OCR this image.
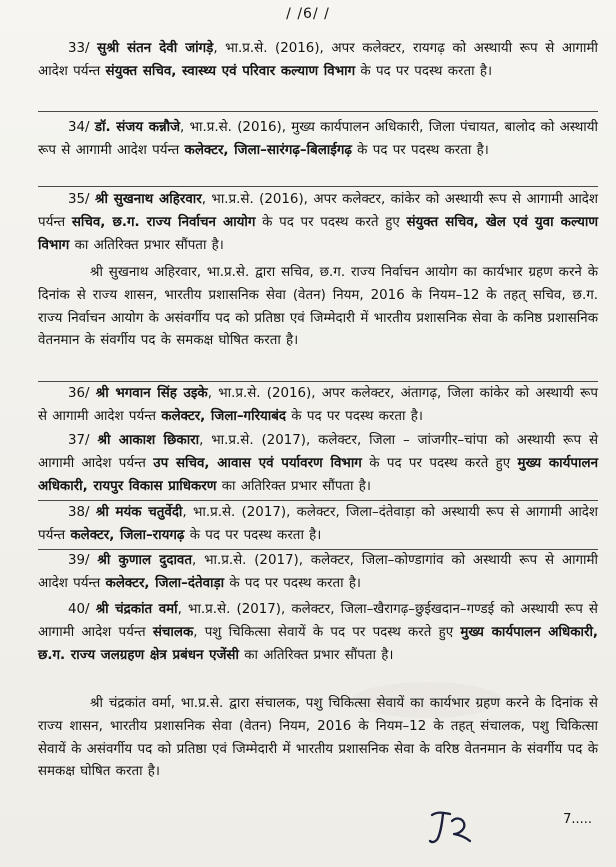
/ /6/ /

33/ सुश्री संतन देवी जांगड़े, भा.प्र.से. (2016), अपर कलेक्टर, रायगढ़ को अस्थायी रूप से आगामी आदेश पर्यन्त संयुक्त सचिव, स्वास्थ्य एवं परिवार कल्याण विभाग के पद पर पदस्थ करता है।

34/ डॉ. संजय कन्नौजे, भा.प्र.से. (2016), मुख्य कार्यपालन अधिकारी, जिला पंचायत, बालोद को अस्थायी रूप से आगामी आदेश पर्यन्त कलेक्टर, जिला–सारंगढ़–बिलाईगढ़ के पद पर पदस्थ करता है।

35/ श्री सुखनाथ अहिरवार, भा.प्र.से. (2016), अपर कलेक्टर, कांकेर को अस्थायी रूप से आगामी आदेश पर्यन्त सचिव, छ.ग. राज्य निर्वाचन आयोग के पद पर पदस्थ करते हुए संयुक्त सचिव, खेल एवं युवा कल्याण विभाग का अतिरिक्त प्रभार सौंपता है।

श्री सुखनाथ अहिरवार, भा.प्र.से. द्वारा सचिव, छ.ग. राज्य निर्वाचन आयोग का कार्यभार ग्रहण करने के दिनांक से राज्य शासन, भारतीय प्रशासनिक सेवा (वेतन) नियम, 2016 के नियम–12 के तहत् सचिव, छ.ग. राज्य निर्वाचन आयोग के असंवर्गीय पद को प्रतिष्ठा एवं जिम्मेदारी में भारतीय प्रशासनिक सेवा के कनिष्ठ प्रशासनिक वेतनमान के संवर्गीय पद के समकक्ष घोषित करता है।

36/ श्री भगवान सिंह उइके, भा.प्र.से. (2016), अपर कलेक्टर, अंतागढ़, जिला कांकेर को अस्थायी रूप से आगामी आदेश पर्यन्त कलेक्टर, जिला–गरियाबंद के पद पर पदस्थ करता है।

37/ श्री आकाश छिकारा, भा.प्र.से. (2017), कलेक्टर, जिला – जांजगीर–चांपा को अस्थायी रूप से आगामी आदेश पर्यन्त उप सचिव, आवास एवं पर्यावरण विभाग के पद पर पदस्थ करते हुए मुख्य कार्यपालन अधिकारी, रायपुर विकास प्राधिकरण का अतिरिक्त प्रभार सौंपता है।

38/ श्री मयंक चतुर्वेदी, भा.प्र.से. (2017), कलेक्टर, जिला–दंतेवाड़ा को अस्थायी रूप से आगामी आदेश पर्यन्त कलेक्टर, जिला–रायगढ़ के पद पर पदस्थ करता है।

39/ श्री कुणाल दुदावत, भा.प्र.से. (2017), कलेक्टर, जिला–कोण्डागांव को अस्थायी रूप से आगामी आदेश पर्यन्त कलेक्टर, जिला–दंतेवाड़ा के पद पर पदस्थ करता है।

40/ श्री चंद्रकांत वर्मा, भा.प्र.से. (2017), कलेक्टर, जिला–खैरागढ़–छुईखदान–गण्डई को अस्थायी रूप से आगामी आदेश पर्यन्त संचालक, पशु चिकित्सा सेवायें के पद पर पदस्थ करते हुए मुख्य कार्यपालन अधिकारी, छ.ग. राज्य जलग्रहण क्षेत्र प्रबंधन एजेंसी का अतिरिक्त प्रभार सौंपता है।

श्री चंद्रकांत वर्मा, भा.प्र.से. द्वारा संचालक, पशु चिकित्सा सेवायें का कार्यभार ग्रहण करने के दिनांक से राज्य शासन, भारतीय प्रशासनिक सेवा (वेतन) नियम, 2016 के नियम–12 के तहत् संचालक, पशु चिकित्सा सेवायें के असंवर्गीय पद को प्रतिष्ठा एवं जिम्मेदारी में भारतीय प्रशासनिक सेवा के वरिष्ठ वेतनमान के संवर्गीय पद के समकक्ष घोषित करता है।

7.....
